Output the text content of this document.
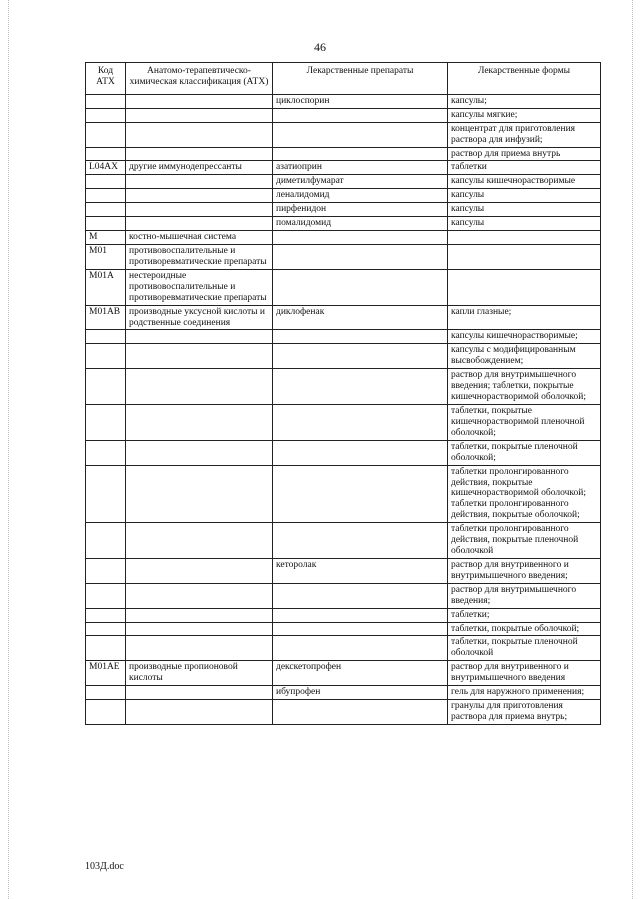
46
Код АТХ	Анатомо-терапевтическо-химическая классификация (АТХ)	Лекарственные препараты	Лекарственные формы
		циклоспорин	капсулы;
			капсулы мягкие;
			концентрат для приготовления раствора для инфузий;
			раствор для приема внутрь
L04AX	другие иммунодепрессанты	азатиоприн	таблетки
		диметилфумарат	капсулы кишечнорастворимые
		леналидомид	капсулы
		пирфенидон	капсулы
		помалидомид	капсулы
M	костно-мышечная система		
M01	противовоспалительные и противоревматические препараты		
M01A	нестероидные противовоспалительные и противоревматические препараты		
M01AB	производные уксусной кислоты и родственные соединения	диклофенак	капли глазные;
			капсулы кишечнорастворимые;
			капсулы с модифицированным высвобождением;
			раствор для внутримышечного введения; таблетки, покрытые кишечнорастворимой оболочкой;
			таблетки, покрытые кишечнорастворимой пленочной оболочкой;
			таблетки, покрытые пленочной оболочкой;
			таблетки пролонгированного действия, покрытые кишечнорастворимой оболочкой; таблетки пролонгированного действия, покрытые оболочкой;
			таблетки пролонгированного действия, покрытые пленочной оболочкой
		кеторолак	раствор для внутривенного и внутримышечного введения;
			раствор для внутримышечного введения;
			таблетки;
			таблетки, покрытые оболочкой;
			таблетки, покрытые пленочной оболочкой
M01AE	производные пропионовой кислоты	декскетопрофен	раствор для внутривенного и внутримышечного введения
		ибупрофен	гель для наружного применения;
			гранулы для приготовления раствора для приема внутрь;
103Д.doc
